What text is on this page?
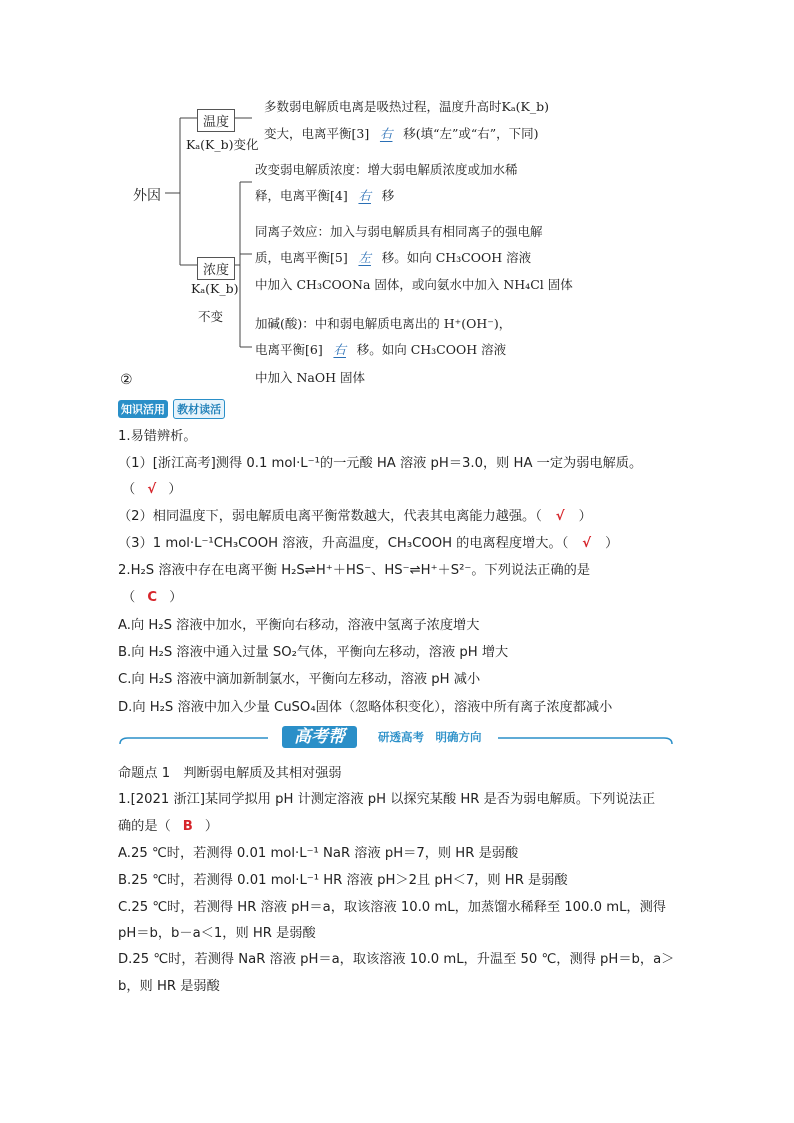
外因
温度
Kₐ(K_b)变化
多数弱电解质电离是吸热过程，温度升高时Kₐ(K_b)
变大，电离平衡[3] 右 移(填“左”或“右”，下同)
浓度
Kₐ(K_b)
不变
改变弱电解质浓度：增大弱电解质浓度或加水稀
释，电离平衡[4] 右 移
同离子效应：加入与弱电解质具有相同离子的强电解
质，电离平衡[5] 左 移。如向 CH₃COOH 溶液
中加入 CH₃COONa 固体，或向氨水中加入 NH₄Cl 固体
加碱(酸)：中和弱电解质电离出的 H⁺(OH⁻)，
电离平衡[6] 右 移。如向 CH₃COOH 溶液
中加入 NaOH 固体
②
知识活用 教材读活
1.易错辨析。
（1）[浙江高考]测得 0.1 mol·L⁻¹的一元酸 HA 溶液 pH＝3.0，则 HA 一定为弱电解质。
（ √ ）
（2）相同温度下，弱电解质电离平衡常数越大，代表其电离能力越强。（ √ ）
（3）1 mol·L⁻¹CH₃COOH 溶液，升高温度，CH₃COOH 的电离程度增大。（ √ ）
2.H₂S 溶液中存在电离平衡 H₂S⇌H⁺＋HS⁻、HS⁻⇌H⁺＋S²⁻。下列说法正确的是
（ C ）
A.向 H₂S 溶液中加水，平衡向右移动，溶液中氢离子浓度增大
B.向 H₂S 溶液中通入过量 SO₂气体，平衡向左移动，溶液 pH 增大
C.向 H₂S 溶液中滴加新制氯水，平衡向左移动，溶液 pH 减小
D.向 H₂S 溶液中加入少量 CuSO₄固体（忽略体积变化），溶液中所有离子浓度都减小
高考帮	研透高考　明确方向
命题点 1　判断弱电解质及其相对强弱
1.[2021 浙江]某同学拟用 pH 计测定溶液 pH 以探究某酸 HR 是否为弱电解质。下列说法正
确的是（ B ）
A.25 ℃时，若测得 0.01 mol·L⁻¹ NaR 溶液 pH＝7，则 HR 是弱酸
B.25 ℃时，若测得 0.01 mol·L⁻¹ HR 溶液 pH＞2且 pH＜7，则 HR 是弱酸
C.25 ℃时，若测得 HR 溶液 pH＝a，取该溶液 10.0 mL，加蒸馏水稀释至 100.0 mL，测得
pH＝b，b－a＜1，则 HR 是弱酸
D.25 ℃时，若测得 NaR 溶液 pH＝a，取该溶液 10.0 mL，升温至 50 ℃，测得 pH＝b，a＞
b，则 HR 是弱酸
